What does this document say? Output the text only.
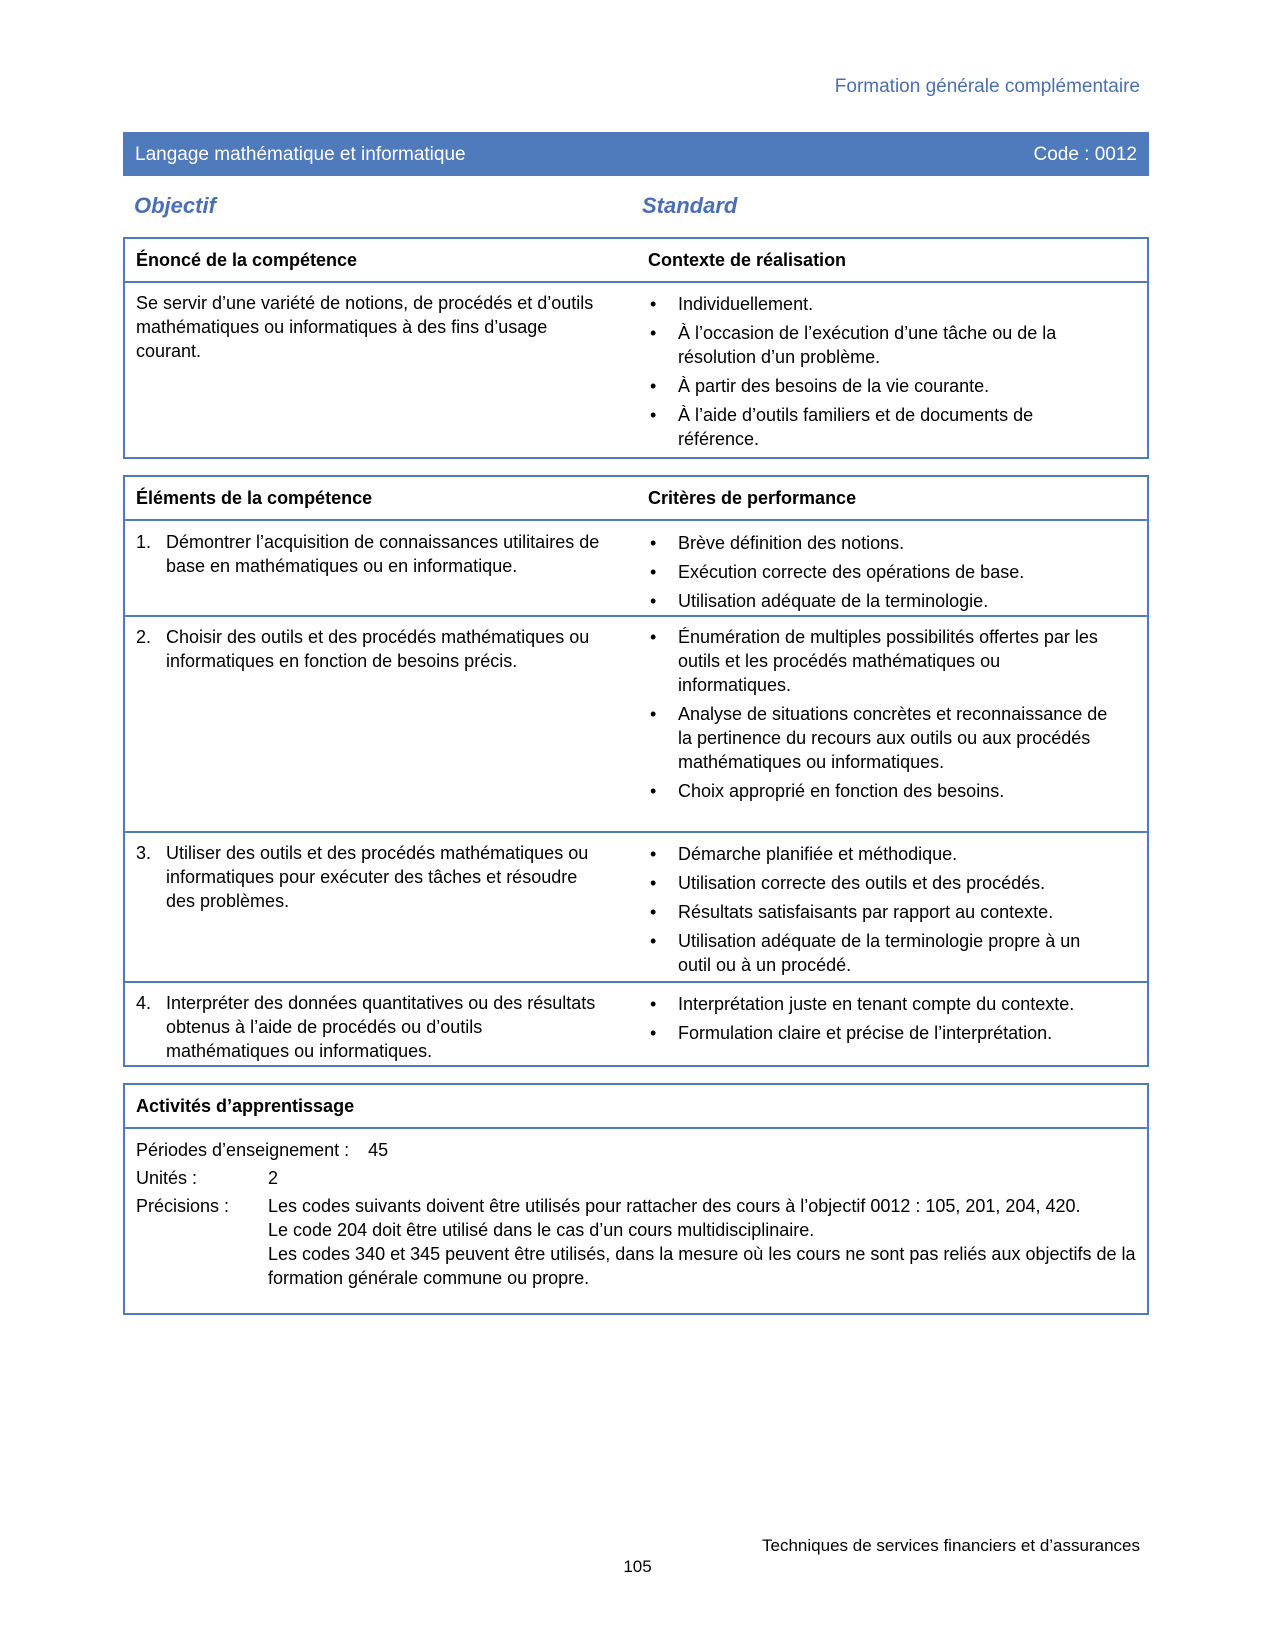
Formation générale complémentaire
Langage mathématique et informatique	Code : 0012
Objectif	Standard
Énoncé de la compétence	Contexte de réalisation
Se servir d’une variété de notions, de procédés et d’outils mathématiques ou informatiques à des fins d’usage courant.
• Individuellement.
• À l’occasion de l’exécution d’une tâche ou de la résolution d’un problème.
• À partir des besoins de la vie courante.
• À l’aide d’outils familiers et de documents de référence.
Éléments de la compétence	Critères de performance
1. Démontrer l’acquisition de connaissances utilitaires de base en mathématiques ou en informatique.
• Brève définition des notions.
• Exécution correcte des opérations de base.
• Utilisation adéquate de la terminologie.
2. Choisir des outils et des procédés mathématiques ou informatiques en fonction de besoins précis.
• Énumération de multiples possibilités offertes par les outils et les procédés mathématiques ou informatiques.
• Analyse de situations concrètes et reconnaissance de la pertinence du recours aux outils ou aux procédés mathématiques ou informatiques.
• Choix approprié en fonction des besoins.
3. Utiliser des outils et des procédés mathématiques ou informatiques pour exécuter des tâches et résoudre des problèmes.
• Démarche planifiée et méthodique.
• Utilisation correcte des outils et des procédés.
• Résultats satisfaisants par rapport au contexte.
• Utilisation adéquate de la terminologie propre à un outil ou à un procédé.
4. Interpréter des données quantitatives ou des résultats obtenus à l’aide de procédés ou d’outils mathématiques ou informatiques.
• Interprétation juste en tenant compte du contexte.
• Formulation claire et précise de l’interprétation.
Activités d’apprentissage
Périodes d’enseignement : 45
Unités :	2
Précisions : Les codes suivants doivent être utilisés pour rattacher des cours à l’objectif 0012 : 105, 201, 204, 420.
Le code 204 doit être utilisé dans le cas d’un cours multidisciplinaire.
Les codes 340 et 345 peuvent être utilisés, dans la mesure où les cours ne sont pas reliés aux objectifs de la formation générale commune ou propre.
Techniques de services financiers et d’assurances
105
